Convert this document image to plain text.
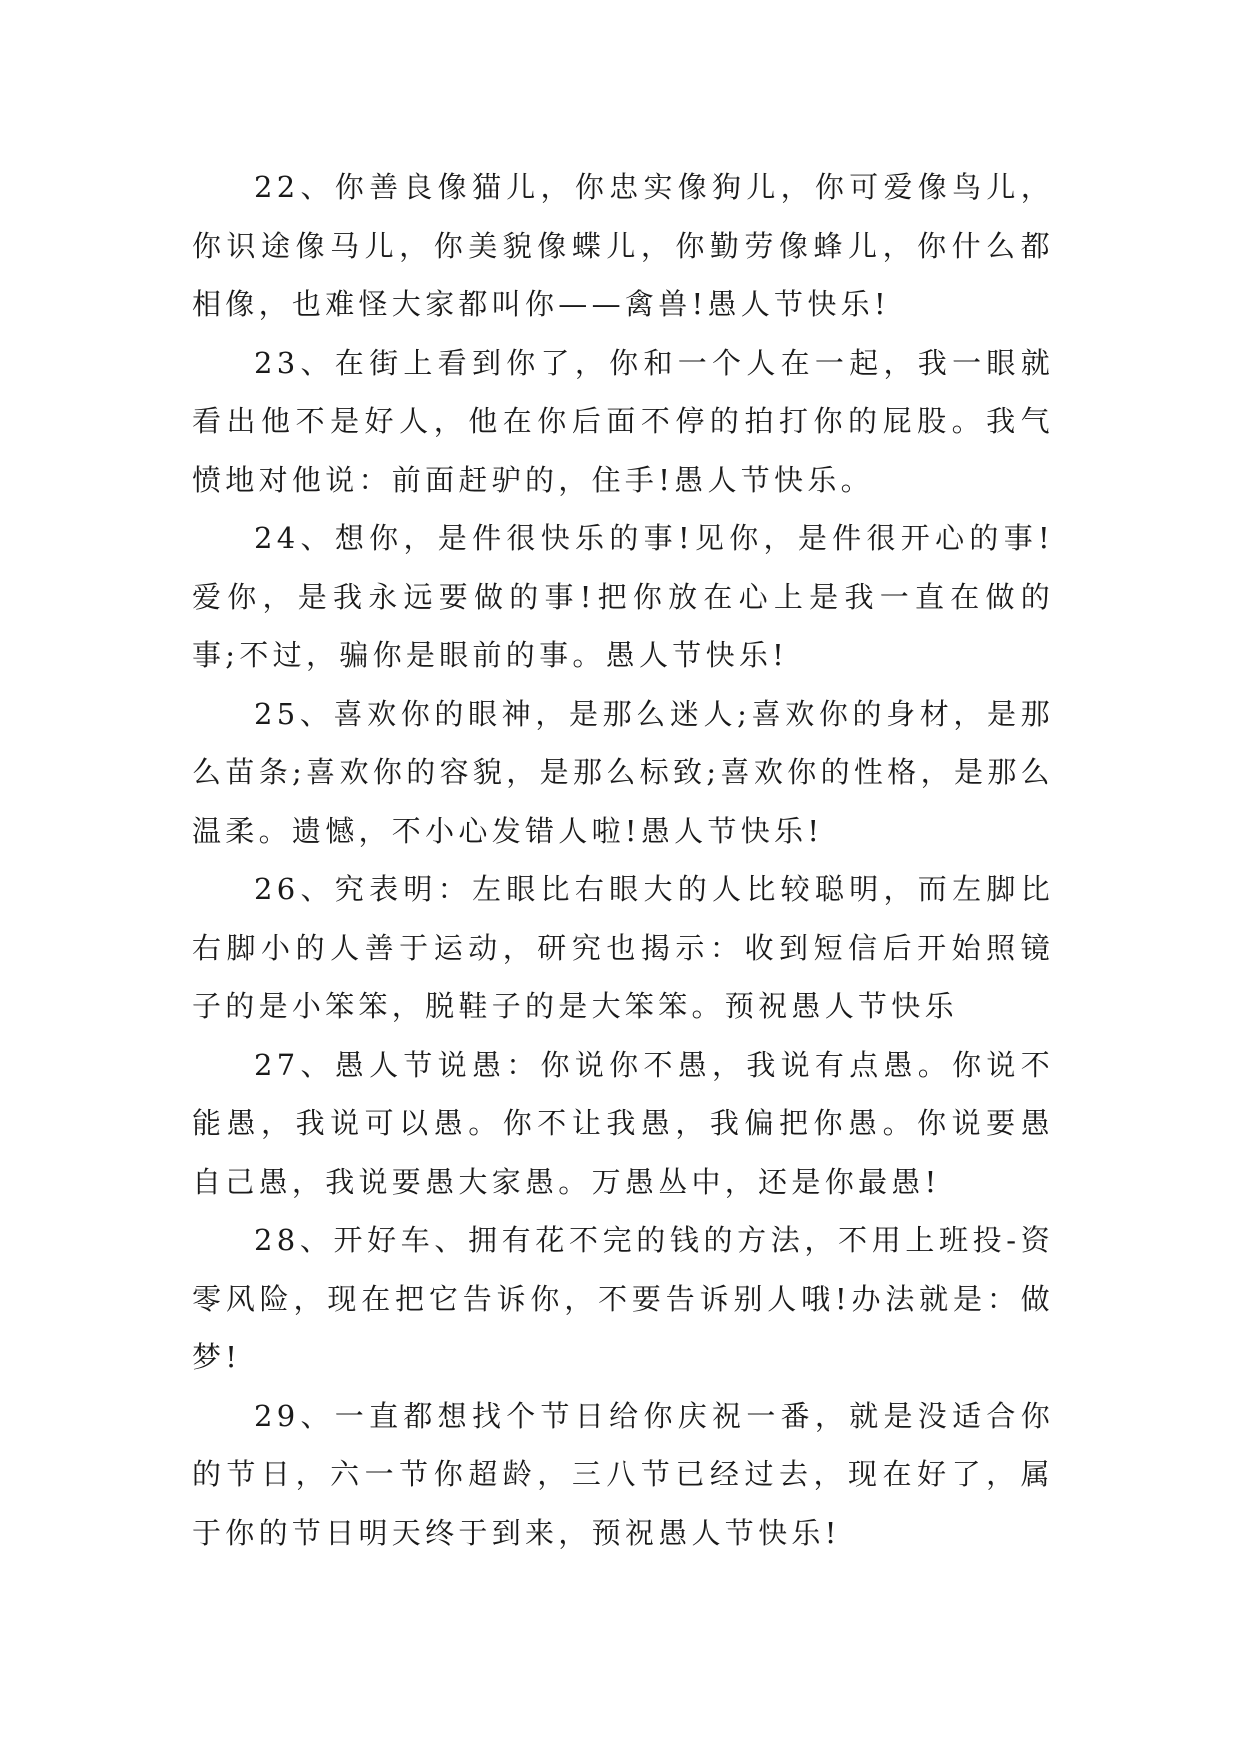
22、你善良像猫儿，你忠实像狗儿，你可爱像鸟儿，你识途像马儿，你美貌像蝶儿，你勤劳像蜂儿，你什么都相像，也难怪大家都叫你——禽兽!愚人节快乐!

23、在街上看到你了，你和一个人在一起，我一眼就看出他不是好人，他在你后面不停的拍打你的屁股。我气愤地对他说：前面赶驴的，住手!愚人节快乐。

24、想你，是件很快乐的事!见你，是件很开心的事!爱你，是我永远要做的事!把你放在心上是我一直在做的事;不过，骗你是眼前的事。愚人节快乐!

25、喜欢你的眼神，是那么迷人;喜欢你的身材，是那么苗条;喜欢你的容貌，是那么标致;喜欢你的性格，是那么温柔。遗憾，不小心发错人啦!愚人节快乐!

26、究表明：左眼比右眼大的人比较聪明，而左脚比右脚小的人善于运动，研究也揭示：收到短信后开始照镜子的是小笨笨，脱鞋子的是大笨笨。预祝愚人节快乐

27、愚人节说愚：你说你不愚，我说有点愚。你说不能愚，我说可以愚。你不让我愚，我偏把你愚。你说要愚自己愚，我说要愚大家愚。万愚丛中，还是你最愚!

28、开好车、拥有花不完的钱的方法，不用上班投-资零风险，现在把它告诉你，不要告诉别人哦!办法就是：做梦!

29、一直都想找个节日给你庆祝一番，就是没适合你的节日，六一节你超龄，三八节已经过去，现在好了，属于你的节日明天终于到来，预祝愚人节快乐!
